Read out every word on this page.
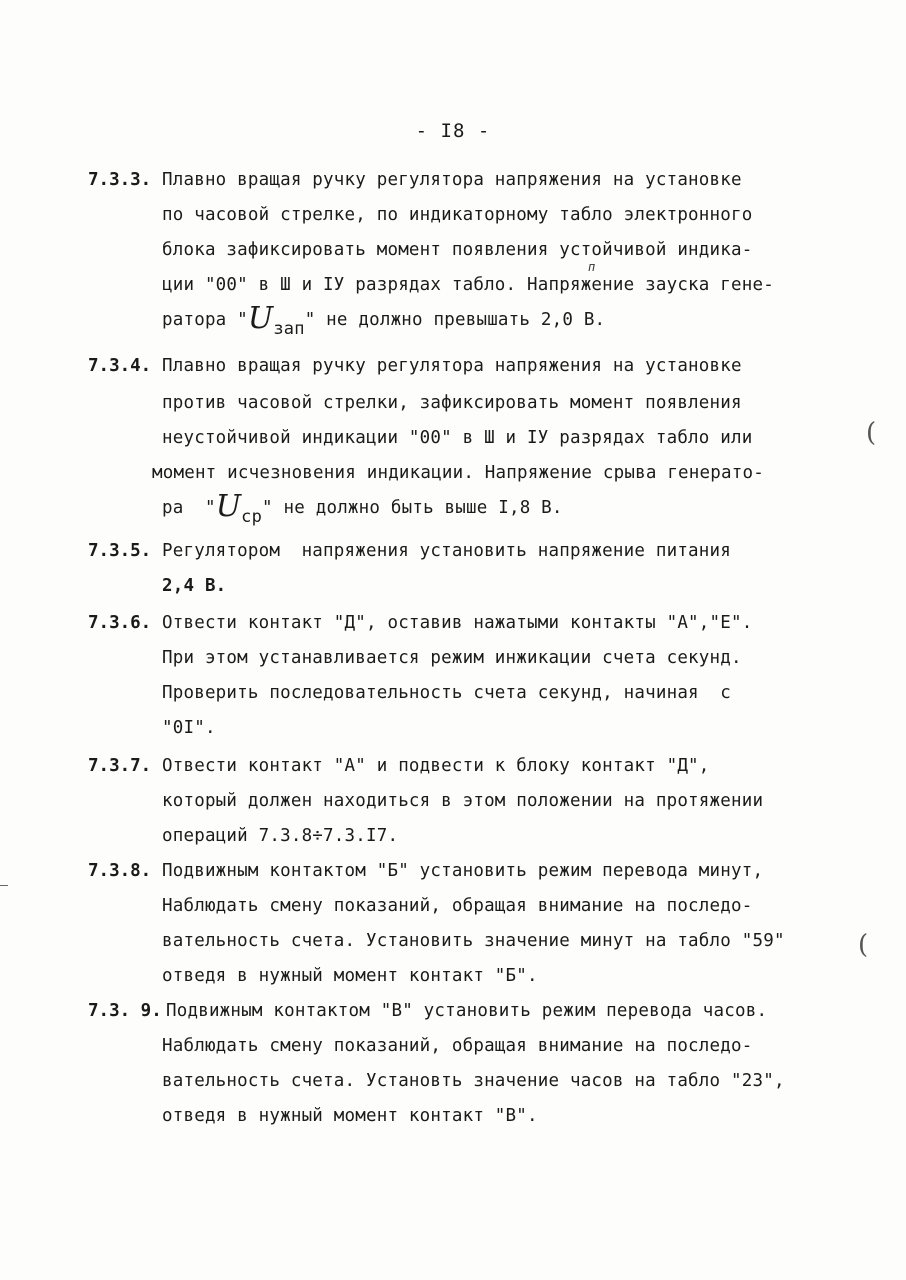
- I8 -
7.3.3. Плавно вращая ручку регулятора напряжения на установке
по часовой стрелке, по индикаторному табло электронного
блока зафиксировать момент появления устойчивой индика-
ции "00" в Ш и IУ разрядах табло. Напряжение зауска гене-
п
ратора "Uзап" не должно превышать 2,0 В.
7.3.4. Плавно вращая ручку регулятора напряжения на установке
против часовой стрелки, зафиксировать момент появления
неустойчивой индикации "00" в Ш и IУ разрядах табло или
момент исчезновения индикации. Напряжение срыва генерато-
ра  "Uср" не должно быть выше I,8 В.
7.3.5. Регулятором  напряжения установить напряжение питания
2,4 В.
7.3.6. Отвести контакт "Д", оставив нажатыми контакты "А","Е".
При этом устанавливается режим инжикации счета секунд.
Проверить последовательность счета секунд, начиная  с
"0I".
7.3.7. Отвести контакт "А" и подвести к блоку контакт "Д",
который должен находиться в этом положении на протяжении
операций 7.3.8÷7.3.I7.
7.3.8. Подвижным контактом "Б" установить режим перевода минут,
Наблюдать смену показаний, обращая внимание на последо-
вательность счета. Установить значение минут на табло "59"
отведя в нужный момент контакт "Б".
7.3. 9. Подвижным контактом "В" установить режим перевода часов.
Наблюдать смену показаний, обращая внимание на последо-
вательность счета. Установть значение часов на табло "23",
отведя в нужный момент контакт "В".
(
(
